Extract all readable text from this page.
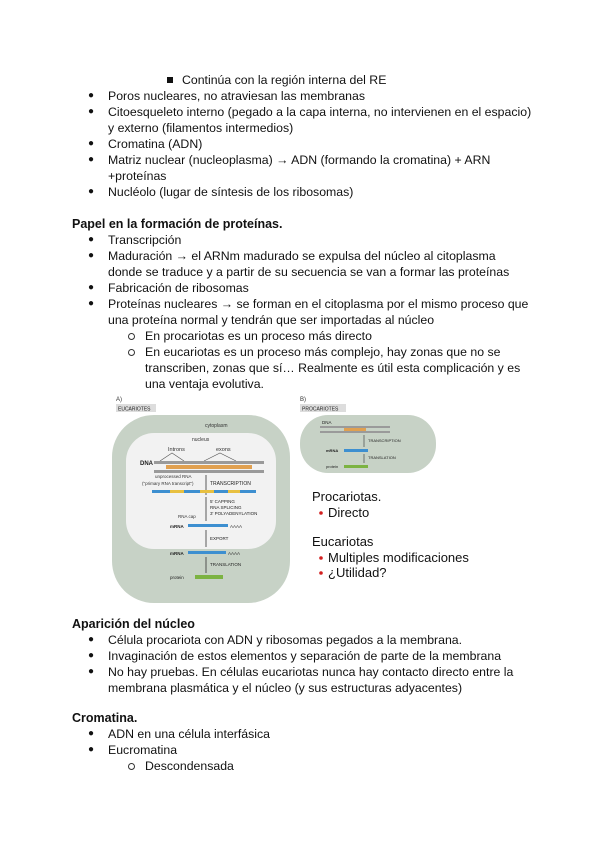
Continúa con la región interna del RE
● Poros nucleares, no atraviesan las membranas
● Citoesqueleto interno (pegado a la capa interna, no intervienen en el espacio)
y externo (filamentos intermedios)
● Cromatina (ADN)
● Matriz nuclear (nucleoplasma) → ADN (formando la cromatina) + ARN
+proteínas
● Nucléolo (lugar de síntesis de los ribosomas)
Papel en la formación de proteínas.
● Transcripción
● Maduración → el ARNm madurado se expulsa del núcleo al citoplasma
donde se traduce y a partir de su secuencia se van a formar las proteínas
● Fabricación de ribosomas
● Proteínas nucleares → se forman en el citoplasma por el mismo proceso que
una proteína normal y tendrán que ser importadas al núcleo
En procariotas es un proceso más directo
En eucariotas es un proceso más complejo, hay zonas que no se
transcriben, zonas que sí… Realmente es útil esta complicación y es
una ventaja evolutiva.
A)
EUCARIOTES
cytoplasm
nucleus
Introns	exons
DNA
TRANSCRIPTION
unprocessed RNA
("primary RNA transcript")
5' CAPPING
RNA SPLICING
3' POLYADENYLATION
RNA cap
mRNA	AAAA
EXPORT
mRNA	AAAA
TRANSLATION
protein
B)
PROCARIOTES
DNA
TRANSCRIPTION
mRNA
TRANSLATION
protein
Procariotas.
Directo
Eucariotas
Multiples modificaciones
¿Utilidad?
Aparición del núcleo
● Célula procariota con ADN y ribosomas pegados a la membrana.
● Invaginación de estos elementos y separación de parte de la membrana
● No hay pruebas. En células eucariotas nunca hay contacto directo entre la
membrana plasmática y el núcleo (y sus estructuras adyacentes)
Cromatina.
● ADN en una célula interfásica
● Eucromatina
Descondensada
